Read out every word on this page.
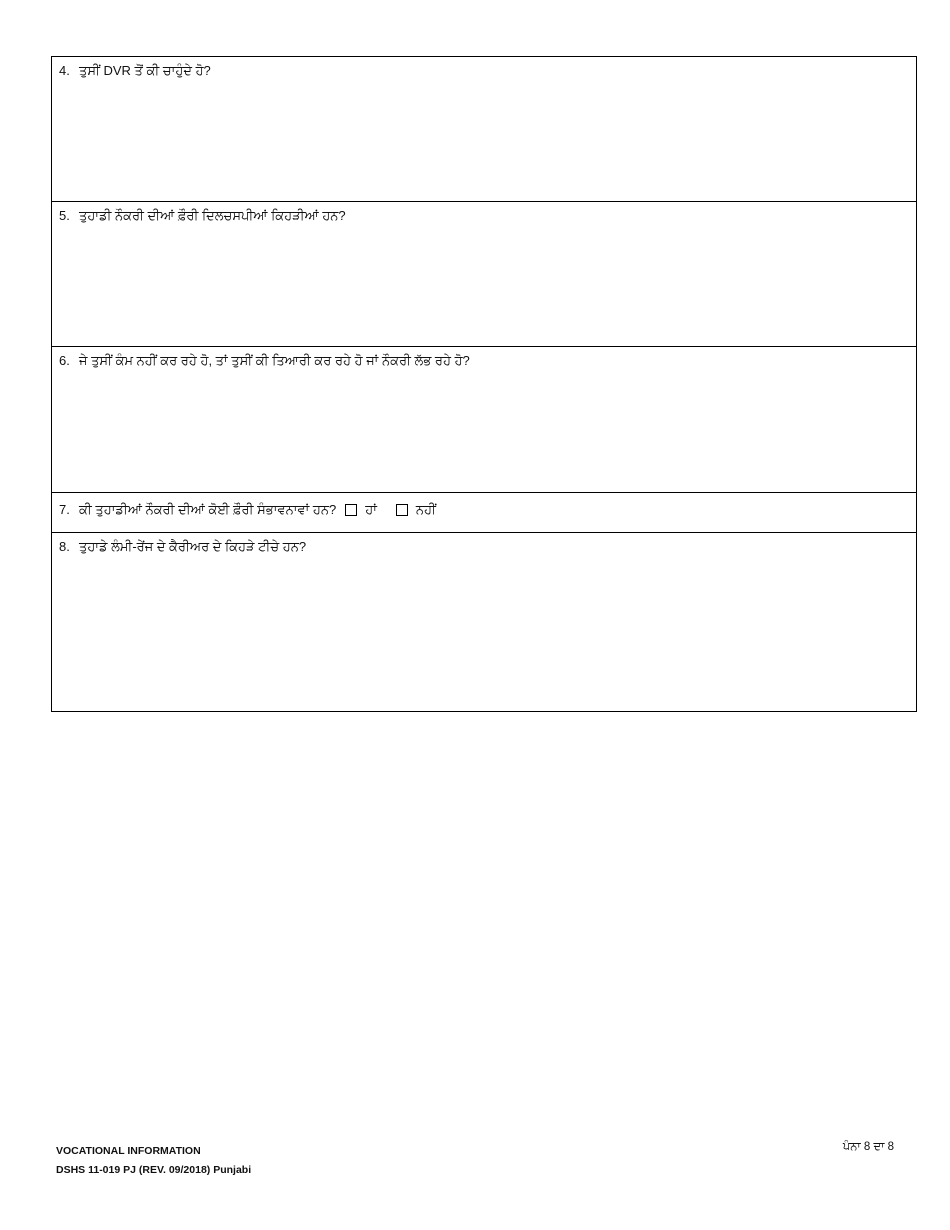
4. ਤੁਸੀਂ DVR ਤੋਂ ਕੀ ਚਾਹੁੰਦੇ ਹੋ?
5. ਤੁਹਾਡੀ ਨੌਕਰੀ ਦੀਆਂ ਫ਼ੌਰੀ ਦਿਲਚਸਪੀਆਂ ਕਿਹੜੀਆਂ ਹਨ?
6. ਜੇ ਤੁਸੀਂ ਕੰਮ ਨਹੀਂ ਕਰ ਰਹੇ ਹੋ, ਤਾਂ ਤੁਸੀਂ ਕੀ ਤਿਆਰੀ ਕਰ ਰਹੇ ਹੋ ਜਾਂ ਨੌਕਰੀ ਲੱਭ ਰਹੇ ਹੋ?
7. ਕੀ ਤੁਹਾਡੀਆਂ ਨੌਕਰੀ ਦੀਆਂ ਕੋਈ ਫ਼ੌਰੀ ਸੰਭਾਵਨਾਵਾਂ ਹਨ? ਹਾਂ	ਨਹੀਂ
8. ਤੁਹਾਡੇ ਲੰਮੀ-ਰੇਂਜ ਦੇ ਕੈਰੀਅਰ ਦੇ ਕਿਹੜੇ ਟੀਚੇ ਹਨ?
VOCATIONAL INFORMATION
DSHS 11-019 PJ (REV. 09/2018) Punjabi
ਪੰਨਾ 8 ਦਾ 8
